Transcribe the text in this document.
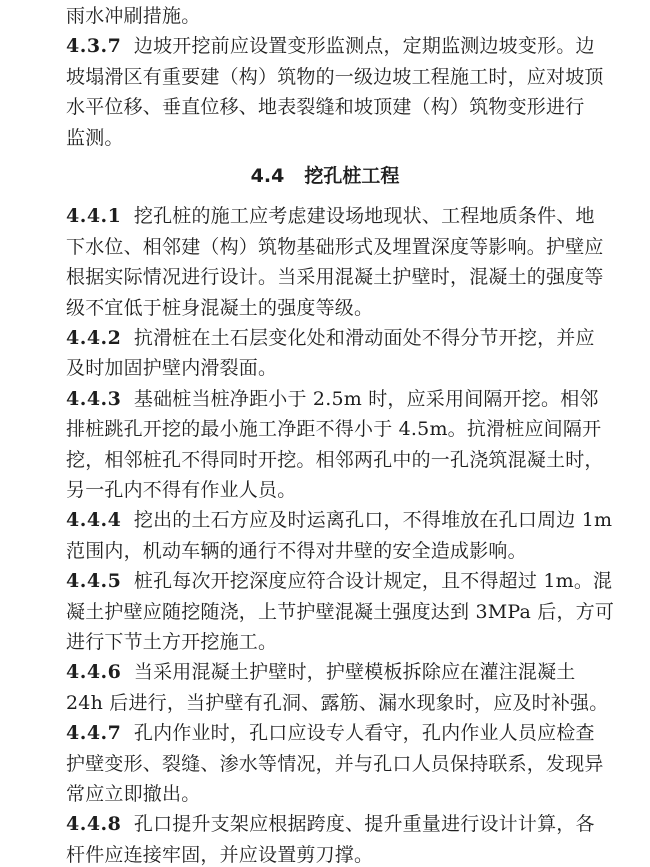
雨水冲刷措施。
4.3.7 边坡开挖前应设置变形监测点，定期监测边坡变形。边
坡塌滑区有重要建（构）筑物的一级边坡工程施工时，应对坡顶
水平位移、垂直位移、地表裂缝和坡顶建（构）筑物变形进行
监测。
4.4 挖孔桩工程
4.4.1 挖孔桩的施工应考虑建设场地现状、工程地质条件、地
下水位、相邻建（构）筑物基础形式及埋置深度等影响。护壁应
根据实际情况进行设计。当采用混凝土护壁时，混凝土的强度等
级不宜低于桩身混凝土的强度等级。
4.4.2 抗滑桩在土石层变化处和滑动面处不得分节开挖，并应
及时加固护壁内滑裂面。
4.4.3 基础桩当桩净距小于 2.5m 时，应采用间隔开挖。相邻
排桩跳孔开挖的最小施工净距不得小于 4.5m。抗滑桩应间隔开
挖，相邻桩孔不得同时开挖。相邻两孔中的一孔浇筑混凝土时，
另一孔内不得有作业人员。
4.4.4 挖出的土石方应及时运离孔口，不得堆放在孔口周边 1m
范围内，机动车辆的通行不得对井壁的安全造成影响。
4.4.5 桩孔每次开挖深度应符合设计规定，且不得超过 1m。混
凝土护壁应随挖随浇，上节护壁混凝土强度达到 3MPa 后，方可
进行下节土方开挖施工。
4.4.6 当采用混凝土护壁时，护壁模板拆除应在灌注混凝土
24h 后进行，当护壁有孔洞、露筋、漏水现象时，应及时补强。
4.4.7 孔内作业时，孔口应设专人看守，孔内作业人员应检查
护壁变形、裂缝、渗水等情况，并与孔口人员保持联系，发现异
常应立即撤出。
4.4.8 孔口提升支架应根据跨度、提升重量进行设计计算，各
杆件应连接牢固，并应设置剪刀撑。
